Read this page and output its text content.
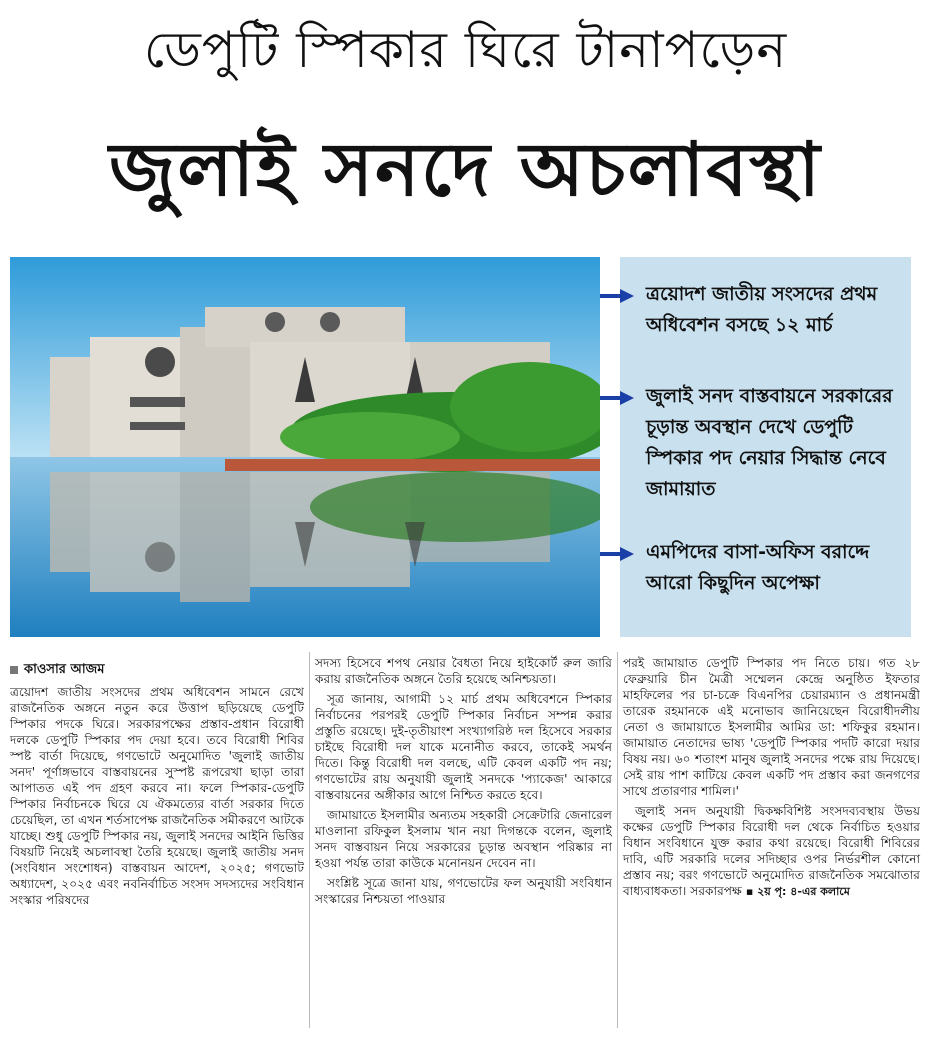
ডেপুটি স্পিকার ঘিরে টানাপড়েন
জুলাই সনদে অচলাবস্থা
ত্রয়োদশ জাতীয় সংসদের প্রথম অধিবেশন বসছে ১২ মার্চ
জুলাই সনদ বাস্তবায়নে সরকারের চূড়ান্ত অবস্থান দেখে ডেপুটি স্পিকার পদ নেয়ার সিদ্ধান্ত নেবে জামায়াত
এমপিদের বাসা-অফিস বরাদ্দে আরো কিছুদিন অপেক্ষা
কাওসার আজম

ত্রয়োদশ জাতীয় সংসদের প্রথম অধিবেশন সামনে রেখে রাজনৈতিক অঙ্গনে নতুন করে উত্তাপ ছড়িয়েছে ডেপুটি স্পিকার পদকে ঘিরে। সরকারপক্ষের প্রস্তাব-প্রধান বিরোধী দলকে ডেপুটি স্পিকার পদ দেয়া হবে। তবে বিরোধী শিবির স্পষ্ট বার্তা দিয়েছে, গণভোটে অনুমোদিত 'জুলাই জাতীয় সনদ' পূর্ণাঙ্গভাবে বাস্তবায়নের সুস্পষ্ট রূপরেখা ছাড়া তারা আপাতত এই পদ গ্রহণ করবে না। ফলে স্পিকার-ডেপুটি স্পিকার নির্বাচনকে ঘিরে যে ঐকমত্যের বার্তা সরকার দিতে চেয়েছিল, তা এখন শর্তসাপেক্ষ রাজনৈতিক সমীকরণে আটকে যাচ্ছে। শুধু ডেপুটি স্পিকার নয়, জুলাই সনদের আইনি ভিত্তির বিষয়টি নিয়েই অচলাবস্থা তৈরি হয়েছে। জুলাই জাতীয় সনদ (সংবিধান সংশোধন) বাস্তবায়ন আদেশ, ২০২৫; গণভোট অধ্যাদেশ, ২০২৫ এবং নবনির্বাচিত সংসদ সদস্যদের সংবিধান সংস্কার পরিষদের

সদস্য হিসেবে শপথ নেয়ার বৈধতা নিয়ে হাইকোর্ট রুল জারি করায় রাজনৈতিক অঙ্গনে তৈরি হয়েছে অনিশ্চয়তা।

সূত্র জানায়, আগামী ১২ মার্চ প্রথম অধিবেশনে স্পিকার নির্বাচনের পরপরই ডেপুটি স্পিকার নির্বাচন সম্পন্ন করার প্রস্তুতি রয়েছে। দুই-তৃতীয়াংশ সংখ্যাগরিষ্ঠ দল হিসেবে সরকার চাইছে বিরোধী দল যাকে মনোনীত করবে, তাকেই সমর্থন দিতে। কিন্তু বিরোধী দল বলছে, এটি কেবল একটি পদ নয়; গণভোটের রায় অনুযায়ী জুলাই সনদকে 'প্যাকেজ' আকারে বাস্তবায়নের অঙ্গীকার আগে নিশ্চিত করতে হবে।

জামায়াতে ইসলামীর অন্যতম সহকারী সেক্রেটারি জেনারেল মাওলানা রফিকুল ইসলাম খান নয়া দিগন্তকে বলেন, জুলাই সনদ বাস্তবায়ন নিয়ে সরকারের চূড়ান্ত অবস্থান পরিষ্কার না হওয়া পর্যন্ত তারা কাউকে মনোনয়ন দেবেন না।

সংশ্লিষ্ট সূত্রে জানা যায়, গণভোটের ফল অনুযায়ী সংবিধান সংস্কারের নিশ্চয়তা পাওয়ার

পরই জামায়াত ডেপুটি স্পিকার পদ নিতে চায়। গত ২৮ ফেব্রুয়ারি চীন মৈত্রী সম্মেলন কেন্দ্রে অনুষ্ঠিত ইফতার মাহফিলের পর চা-চক্রে বিএনপির চেয়ারম্যান ও প্রধানমন্ত্রী তারেক রহমানকে এই মনোভাব জানিয়েছেন বিরোধীদলীয় নেতা ও জামায়াতে ইসলামীর আমির ডা: শফিকুর রহমান। জামায়াত নেতাদের ভাষ্য 'ডেপুটি স্পিকার পদটি কারো দয়ার বিষয় নয়। ৬০ শতাংশ মানুষ জুলাই সনদের পক্ষে রায় দিয়েছে। সেই রায় পাশ কাটিয়ে কেবল একটি পদ প্রস্তাব করা জনগণের সাথে প্রতারণার শামিল।'

জুলাই সনদ অনুযায়ী দ্বিকক্ষবিশিষ্ট সংসদব্যবস্থায় উভয় কক্ষের ডেপুটি স্পিকার বিরোধী দল থেকে নির্বাচিত হওয়ার বিধান সংবিধানে যুক্ত করার কথা রয়েছে। বিরোধী শিবিরের দাবি, এটি সরকারি দলের সদিচ্ছার ওপর নির্ভরশীল কোনো প্রস্তাব নয়; বরং গণভোটে অনুমোদিত রাজনৈতিক সমঝোতার বাধ্যবাধকতা। সরকারপক্ষ ▪ ২য় পৃ: ৪-এর কলামে
